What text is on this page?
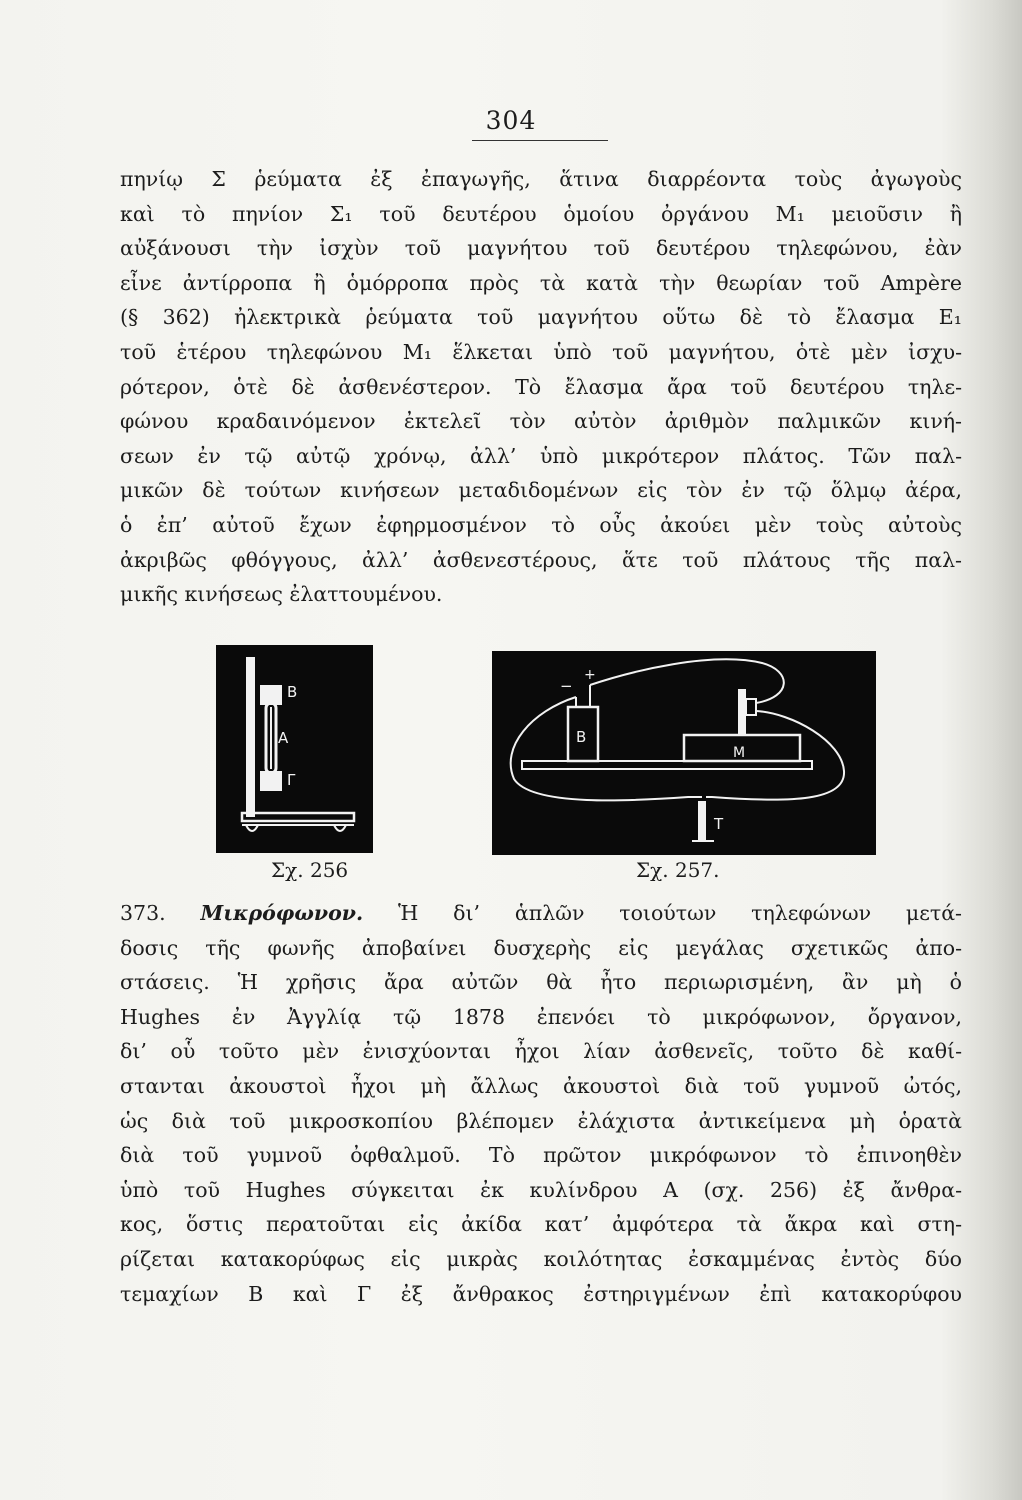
304
πηνίῳ Σ ῥεύματα ἐξ ἐπαγωγῆς, ἅτινα διαρρέοντα τοὺς ἀγωγοὺς
καὶ τὸ πηνίον Σ₁ τοῦ δευτέρου ὁμοίου ὀργάνου Μ₁ μειοῦσιν ἢ
αὐξάνουσι τὴν ἰσχὺν τοῦ μαγνήτου τοῦ δευτέρου τηλεφώνου, ἐὰν
εἶνε ἀντίρροπα ἢ ὁμόρροπα πρὸς τὰ κατὰ τὴν θεωρίαν τοῦ Ampère
(§ 362) ἠλεκτρικὰ ῥεύματα τοῦ μαγνήτου οὕτω δὲ τὸ ἔλασμα Ε₁
τοῦ ἑτέρου τηλεφώνου Μ₁ ἕλκεται ὑπὸ τοῦ μαγνήτου, ὁτὲ μὲν ἰσχυ-
ρότερον, ὁτὲ δὲ ἀσθενέστερον. Τὸ ἔλασμα ἄρα τοῦ δευτέρου τηλε-
φώνου κραδαινόμενον ἐκτελεῖ τὸν αὐτὸν ἀριθμὸν παλμικῶν κινή-
σεων ἐν τῷ αὐτῷ χρόνῳ, ἀλλ’ ὑπὸ μικρότερον πλάτος. Τῶν παλ-
μικῶν δὲ τούτων κινήσεων μεταδιδομένων εἰς τὸν ἐν τῷ ὅλμῳ ἀέρα,
ὁ ἐπ’ αὐτοῦ ἔχων ἐφηρμοσμένον τὸ οὖς ἀκούει μὲν τοὺς αὐτοὺς
ἀκριβῶς φθόγγους, ἀλλ’ ἀσθενεστέρους, ἅτε τοῦ πλάτους τῆς παλ-
μικῆς κινήσεως ἐλαττουμένου.
Β
Α
Γ
Σχ. 256
Β
Μ
Τ
−
+
Σχ. 257.
373. Μικρόφωνον. Ἡ δι’ ἁπλῶν τοιούτων τηλεφώνων μετά-
δοσις τῆς φωνῆς ἀποβαίνει δυσχερὴς εἰς μεγάλας σχετικῶς ἀπο-
στάσεις. Ἡ χρῆσις ἄρα αὐτῶν θὰ ἦτο περιωρισμένη, ἂν μὴ ὁ
Hughes ἐν Ἀγγλίᾳ τῷ 1878 ἐπενόει τὸ μικρόφωνον, ὄργανον,
δι’ οὗ τοῦτο μὲν ἐνισχύονται ἦχοι λίαν ἀσθενεῖς, τοῦτο δὲ καθί-
στανται ἀκουστοὶ ἦχοι μὴ ἄλλως ἀκουστοὶ διὰ τοῦ γυμνοῦ ὠτός,
ὡς διὰ τοῦ μικροσκοπίου βλέπομεν ἐλάχιστα ἀντικείμενα μὴ ὁρατὰ
διὰ τοῦ γυμνοῦ ὀφθαλμοῦ. Τὸ πρῶτον μικρόφωνον τὸ ἐπινοηθὲν
ὑπὸ τοῦ Hughes σύγκειται ἐκ κυλίνδρου Α (σχ. 256) ἐξ ἄνθρα-
κος, ὅστις περατοῦται εἰς ἀκίδα κατ’ ἀμφότερα τὰ ἄκρα καὶ στη-
ρίζεται κατακορύφως εἰς μικρὰς κοιλότητας ἐσκαμμένας ἐντὸς δύο
τεμαχίων Β καὶ Γ ἐξ ἄνθρακος ἐστηριγμένων ἐπὶ κατακορύφου
